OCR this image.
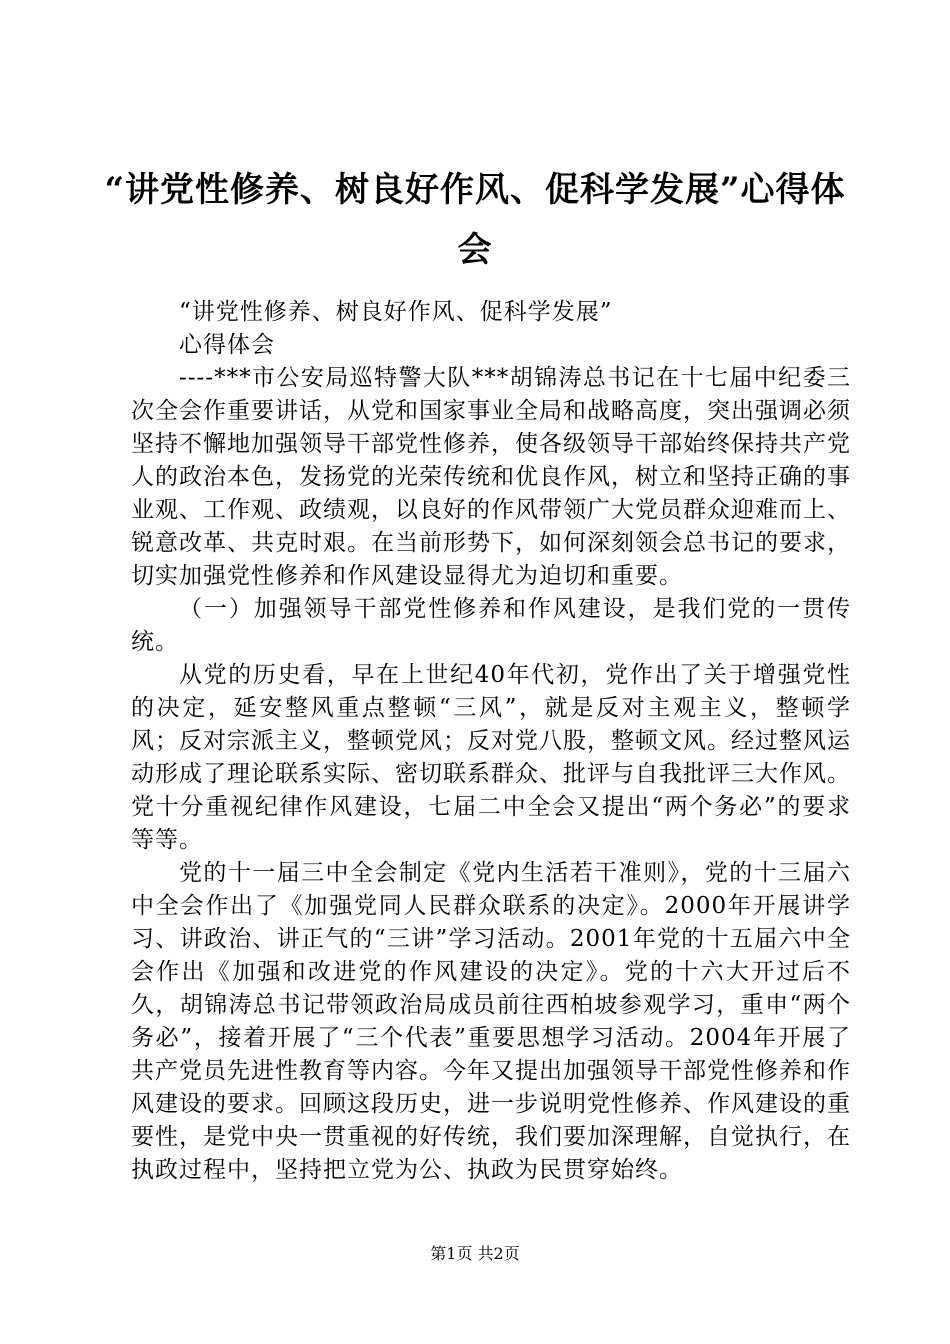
“讲党性修养、树良好作风、促科学发展”心得体会

“讲党性修养、树良好作风、促科学发展”

心得体会

----***市公安局巡特警大队***胡锦涛总书记在十七届中纪委三次全会作重要讲话，从党和国家事业全局和战略高度，突出强调必须坚持不懈地加强领导干部党性修养，使各级领导干部始终保持共产党人的政治本色，发扬党的光荣传统和优良作风，树立和坚持正确的事业观、工作观、政绩观，以良好的作风带领广大党员群众迎难而上、锐意改革、共克时艰。在当前形势下，如何深刻领会总书记的要求，切实加强党性修养和作风建设显得尤为迫切和重要。

（一）加强领导干部党性修养和作风建设，是我们党的一贯传统。

从党的历史看，早在上世纪40年代初，党作出了关于增强党性的决定，延安整风重点整顿“三风”，就是反对主观主义，整顿学风；反对宗派主义，整顿党风；反对党八股，整顿文风。经过整风运动形成了理论联系实际、密切联系群众、批评与自我批评三大作风。党十分重视纪律作风建设，七届二中全会又提出“两个务必”的要求等等。

党的十一届三中全会制定《党内生活若干准则》，党的十三届六中全会作出了《加强党同人民群众联系的决定》。2000年开展讲学习、讲政治、讲正气的“三讲”学习活动。2001年党的十五届六中全会作出《加强和改进党的作风建设的决定》。党的十六大开过后不久，胡锦涛总书记带领政治局成员前往西柏坡参观学习，重申“两个务必”，接着开展了“三个代表”重要思想学习活动。2004年开展了共产党员先进性教育等内容。今年又提出加强领导干部党性修养和作风建设的要求。回顾这段历史，进一步说明党性修养、作风建设的重要性，是党中央一贯重视的好传统，我们要加深理解，自觉执行，在执政过程中，坚持把立党为公、执政为民贯穿始终。

第1页 共2页
